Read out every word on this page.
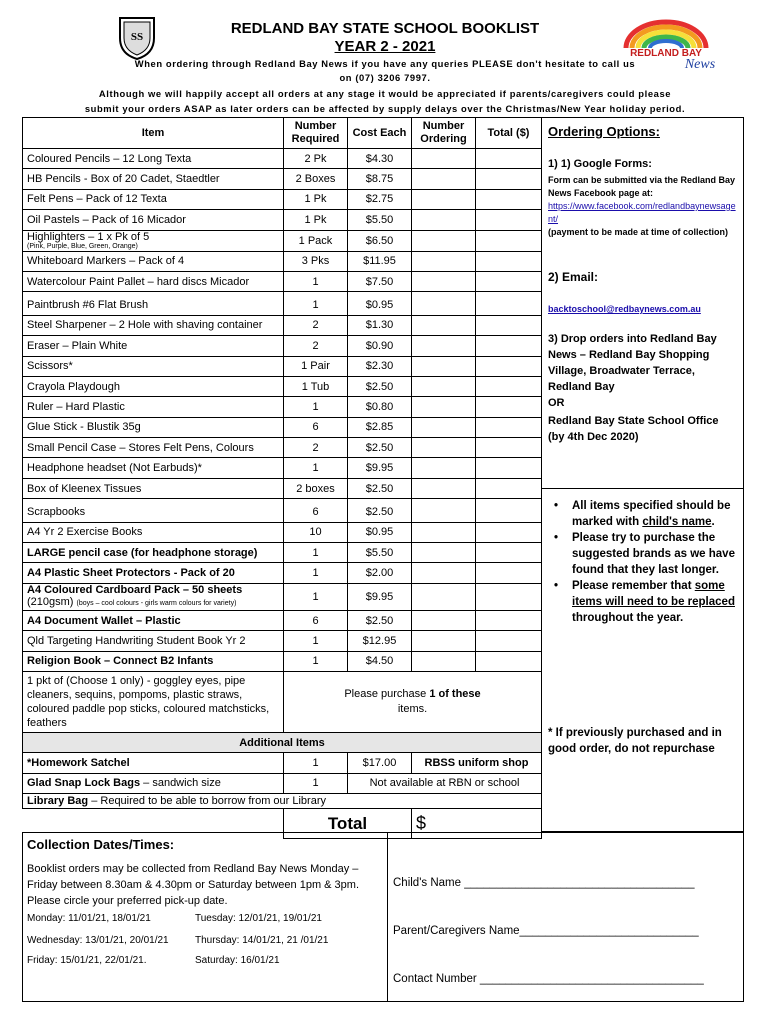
SS
REDLAND BAY
News
REDLAND BAY STATE SCHOOL BOOKLIST
YEAR 2 - 2021
When ordering through Redland Bay News if you have any queries PLEASE don't hesitate to call us
on (07) 3206 7997.
Although we will happily accept all orders at any stage it would be appreciated if parents/caregivers could please
submit your orders ASAP as later orders can be affected by supply delays over the Christmas/New Year holiday period.
Item	Number Required	Cost Each	Number Ordering	Total ($)
Coloured Pencils – 12 Long Texta	2 Pk	$4.30		
HB Pencils - Box of 20 Cadet, Staedtler	2 Boxes	$8.75		
Felt Pens – Pack of 12 Texta	1 Pk	$2.75		
Oil Pastels – Pack of 16 Micador	1 Pk	$5.50		
Highlighters – 1 x Pk of 5
(Pink, Purple, Blue, Green, Orange)	1 Pack	$6.50		
Whiteboard Markers – Pack of 4	3 Pks	$11.95		
Watercolour Paint Pallet – hard discs Micador	1	$7.50		
Paintbrush #6 Flat Brush	1	$0.95		
Steel Sharpener – 2 Hole with shaving container	2	$1.30		
Eraser – Plain White	2	$0.90		
Scissors*	1 Pair	$2.30		
Crayola Playdough	1 Tub	$2.50		
Ruler – Hard Plastic	1	$0.80		
Glue Stick - Blustik 35g	6	$2.85		
Small Pencil Case – Stores Felt Pens, Colours	2	$2.50		
Headphone headset (Not Earbuds)*	1	$9.95		
Box of Kleenex Tissues	2 boxes	$2.50		
Scrapbooks	6	$2.50		
A4 Yr 2 Exercise Books	10	$0.95		
LARGE pencil case (for headphone storage)	1	$5.50		
A4 Plastic Sheet Protectors - Pack of 20	1	$2.00		
A4 Coloured Cardboard Pack – 50 sheets
(210gsm) (boys – cool colours - girls warm colours for variety)	1	$9.95		
A4 Document Wallet – Plastic	6	$2.50		
Qld Targeting Handwriting Student Book Yr 2	1	$12.95		
Religion Book – Connect B2 Infants	1	$4.50		
1 pkt of (Choose 1 only) - goggley eyes, pipe cleaners, sequins, pompoms, plastic straws, coloured paddle pop sticks, coloured matchsticks, feathers	Please purchase 1 of these
items.			
Additional Items				
*Homework Satchel	1	$17.00	RBSS uniform shop	
Glad Snap Lock Bags – sandwich size	1	Not available at RBN or school		
Library Bag – Required to be able to borrow from our Library				
	Total		$	
Ordering Options:
1) 1) Google Forms:
Form can be submitted via the Redland Bay News Facebook page at:
https://www.facebook.com/redlandbaynewsagent/
(payment to be made at time of collection)
2) Email:
backtoschool@redbaynews.com.au
3) Drop orders into Redland Bay News – Redland Bay Shopping Village, Broadwater Terrace, Redland Bay
OR
Redland Bay State School Office (by 4th Dec 2020)
•	All items specified should be marked with child's name.
•	Please try to purchase the suggested brands as we have found that they last longer.
•	Please remember that some items will need to be replaced throughout the year.
* If previously purchased and in good order, do not repurchase
Collection Dates/Times:
Booklist orders may be collected from Redland Bay News Monday – Friday between 8.30am & 4.30pm or Saturday between 1pm & 3pm. Please circle your preferred pick-up date.
Monday: 11/01/21, 18/01/21	Tuesday: 12/01/21, 19/01/21
Wednesday: 13/01/21, 20/01/21	Thursday: 14/01/21, 21 /01/21
Friday: 15/01/21, 22/01/21.	Saturday: 16/01/21
Child's Name ____________________________________
Parent/Caregivers Name____________________________
Contact Number ___________________________________
